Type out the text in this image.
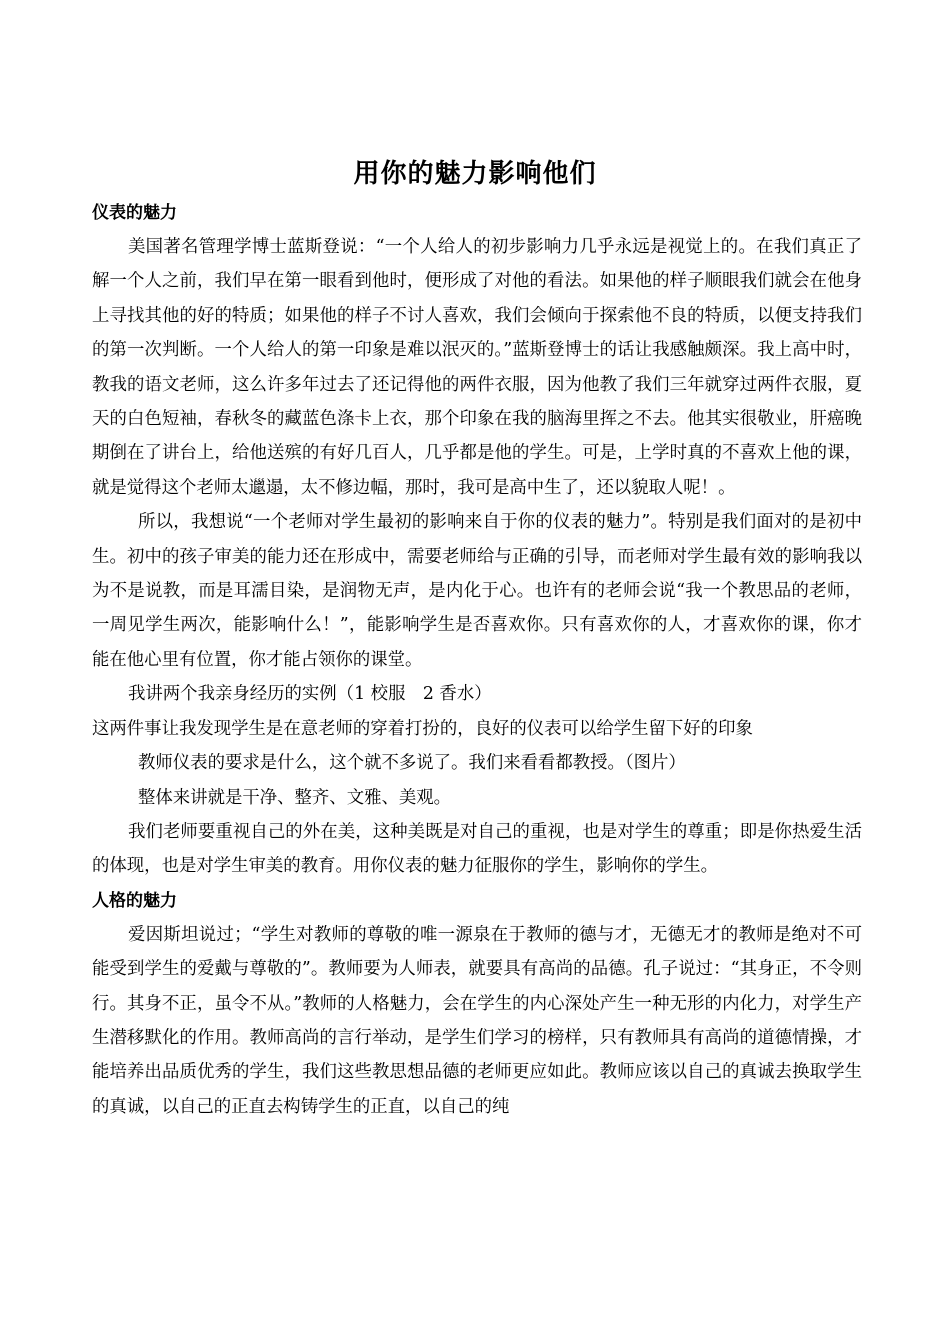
用你的魅力影响他们

仪表的魅力

美国著名管理学博士蓝斯登说：“一个人给人的初步影响力几乎永远是视觉上的。在我们真正了解一个人之前，我们早在第一眼看到他时，便形成了对他的看法。如果他的样子顺眼我们就会在他身上寻找其他的好的特质；如果他的样子不讨人喜欢，我们会倾向于探索他不良的特质，以便支持我们的第一次判断。一个人给人的第一印象是难以泯灭的。”蓝斯登博士的话让我感触颇深。我上高中时，教我的语文老师，这么许多年过去了还记得他的两件衣服，因为他教了我们三年就穿过两件衣服，夏天的白色短袖，春秋冬的藏蓝色涤卡上衣，那个印象在我的脑海里挥之不去。他其实很敬业，肝癌晚期倒在了讲台上，给他送殡的有好几百人，几乎都是他的学生。可是，上学时真的不喜欢上他的课，就是觉得这个老师太邋遢，太不修边幅，那时，我可是高中生了，还以貌取人呢！。

所以，我想说“一个老师对学生最初的影响来自于你的仪表的魅力”。特别是我们面对的是初中生。初中的孩子审美的能力还在形成中，需要老师给与正确的引导，而老师对学生最有效的影响我以为不是说教，而是耳濡目染，是润物无声，是内化于心。也许有的老师会说“我一个教思品的老师，一周见学生两次，能影响什么！”，能影响学生是否喜欢你。只有喜欢你的人，才喜欢你的课，你才能在他心里有位置，你才能占领你的课堂。

我讲两个我亲身经历的实例（1 校服　2 香水）

这两件事让我发现学生是在意老师的穿着打扮的，良好的仪表可以给学生留下好的印象

教师仪表的要求是什么，这个就不多说了。我们来看看都教授。（图片）

整体来讲就是干净、整齐、文雅、美观。

我们老师要重视自己的外在美，这种美既是对自己的重视，也是对学生的尊重；即是你热爱生活的体现，也是对学生审美的教育。用你仪表的魅力征服你的学生，影响你的学生。

人格的魅力

爱因斯坦说过；“学生对教师的尊敬的唯一源泉在于教师的德与才，无德无才的教师是绝对不可能受到学生的爱戴与尊敬的”。教师要为人师表，就要具有高尚的品德。孔子说过：“其身正，不令则行。其身不正，虽令不从。”教师的人格魅力，会在学生的内心深处产生一种无形的内化力，对学生产生潜移默化的作用。教师高尚的言行举动，是学生们学习的榜样，只有教师具有高尚的道德情操，才能培养出品质优秀的学生，我们这些教思想品德的老师更应如此。教师应该以自己的真诚去换取学生的真诚，以自己的正直去构铸学生的正直，以自己的纯
